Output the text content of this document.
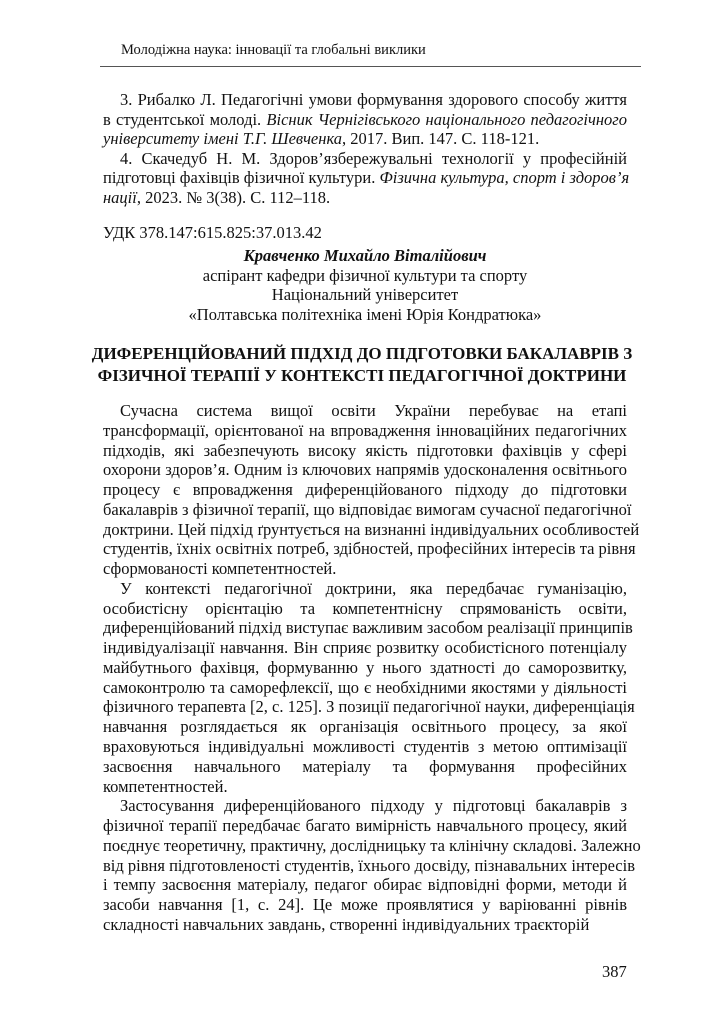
Молодіжна наука: інновації та глобальні виклики
3. Рибалко Л. Педагогічні умови формування здорового способу життя
в студентської молоді. Вісник Чернігівського національного педагогічного
університету імені Т.Г. Шевченка, 2017. Вип. 147. С. 118-121.
4. Скачедуб Н. М. Здоров’язбережувальні технології у професійній
підготовці фахівців фізичної культури. Фізична культура, спорт і здоров’я
нації, 2023. № 3(38). С. 112–118.
УДК 378.147:615.825:37.013.42
Кравченко Михайло Віталійович
аспірант кафедри фізичної культури та спорту
Національний університет
«Полтавська політехніка імені Юрія Кондратюка»
ДИФЕРЕНЦІЙОВАНИЙ ПІДХІД ДО ПІДГОТОВКИ БАКАЛАВРІВ З
ФІЗИЧНОЇ ТЕРАПІЇ У КОНТЕКСТІ ПЕДАГОГІЧНОЇ ДОКТРИНИ
Сучасна система вищої освіти України перебуває на етапі
трансформації, орієнтованої на впровадження інноваційних педагогічних
підходів, які забезпечують високу якість підготовки фахівців у сфері
охорони здоров’я. Одним із ключових напрямів удосконалення освітнього
процесу є впровадження диференційованого підходу до підготовки
бакалаврів з фізичної терапії, що відповідає вимогам сучасної педагогічної
доктрини. Цей підхід ґрунтується на визнанні індивідуальних особливостей
студентів, їхніх освітніх потреб, здібностей, професійних інтересів та рівня
сформованості компетентностей.
У контексті педагогічної доктрини, яка передбачає гуманізацію,
особистісну орієнтацію та компетентнісну спрямованість освіти,
диференційований підхід виступає важливим засобом реалізації принципів
індивідуалізації навчання. Він сприяє розвитку особистісного потенціалу
майбутнього фахівця, формуванню у нього здатності до саморозвитку,
самоконтролю та саморефлексії, що є необхідними якостями у діяльності
фізичного терапевта [2, с. 125]. З позиції педагогічної науки, диференціація
навчання розглядається як організація освітнього процесу, за якої
враховуються індивідуальні можливості студентів з метою оптимізації
засвоєння навчального матеріалу та формування професійних
компетентностей.
Застосування диференційованого підходу у підготовці бакалаврів з
фізичної терапії передбачає багато вимірність навчального процесу, який
поєднує теоретичну, практичну, дослідницьку та клінічну складові. Залежно
від рівня підготовленості студентів, їхнього досвіду, пізнавальних інтересів
і темпу засвоєння матеріалу, педагог обирає відповідні форми, методи й
засоби навчання [1, с. 24]. Це може проявлятися у варіюванні рівнів
складності навчальних завдань, створенні індивідуальних траєкторій
387
